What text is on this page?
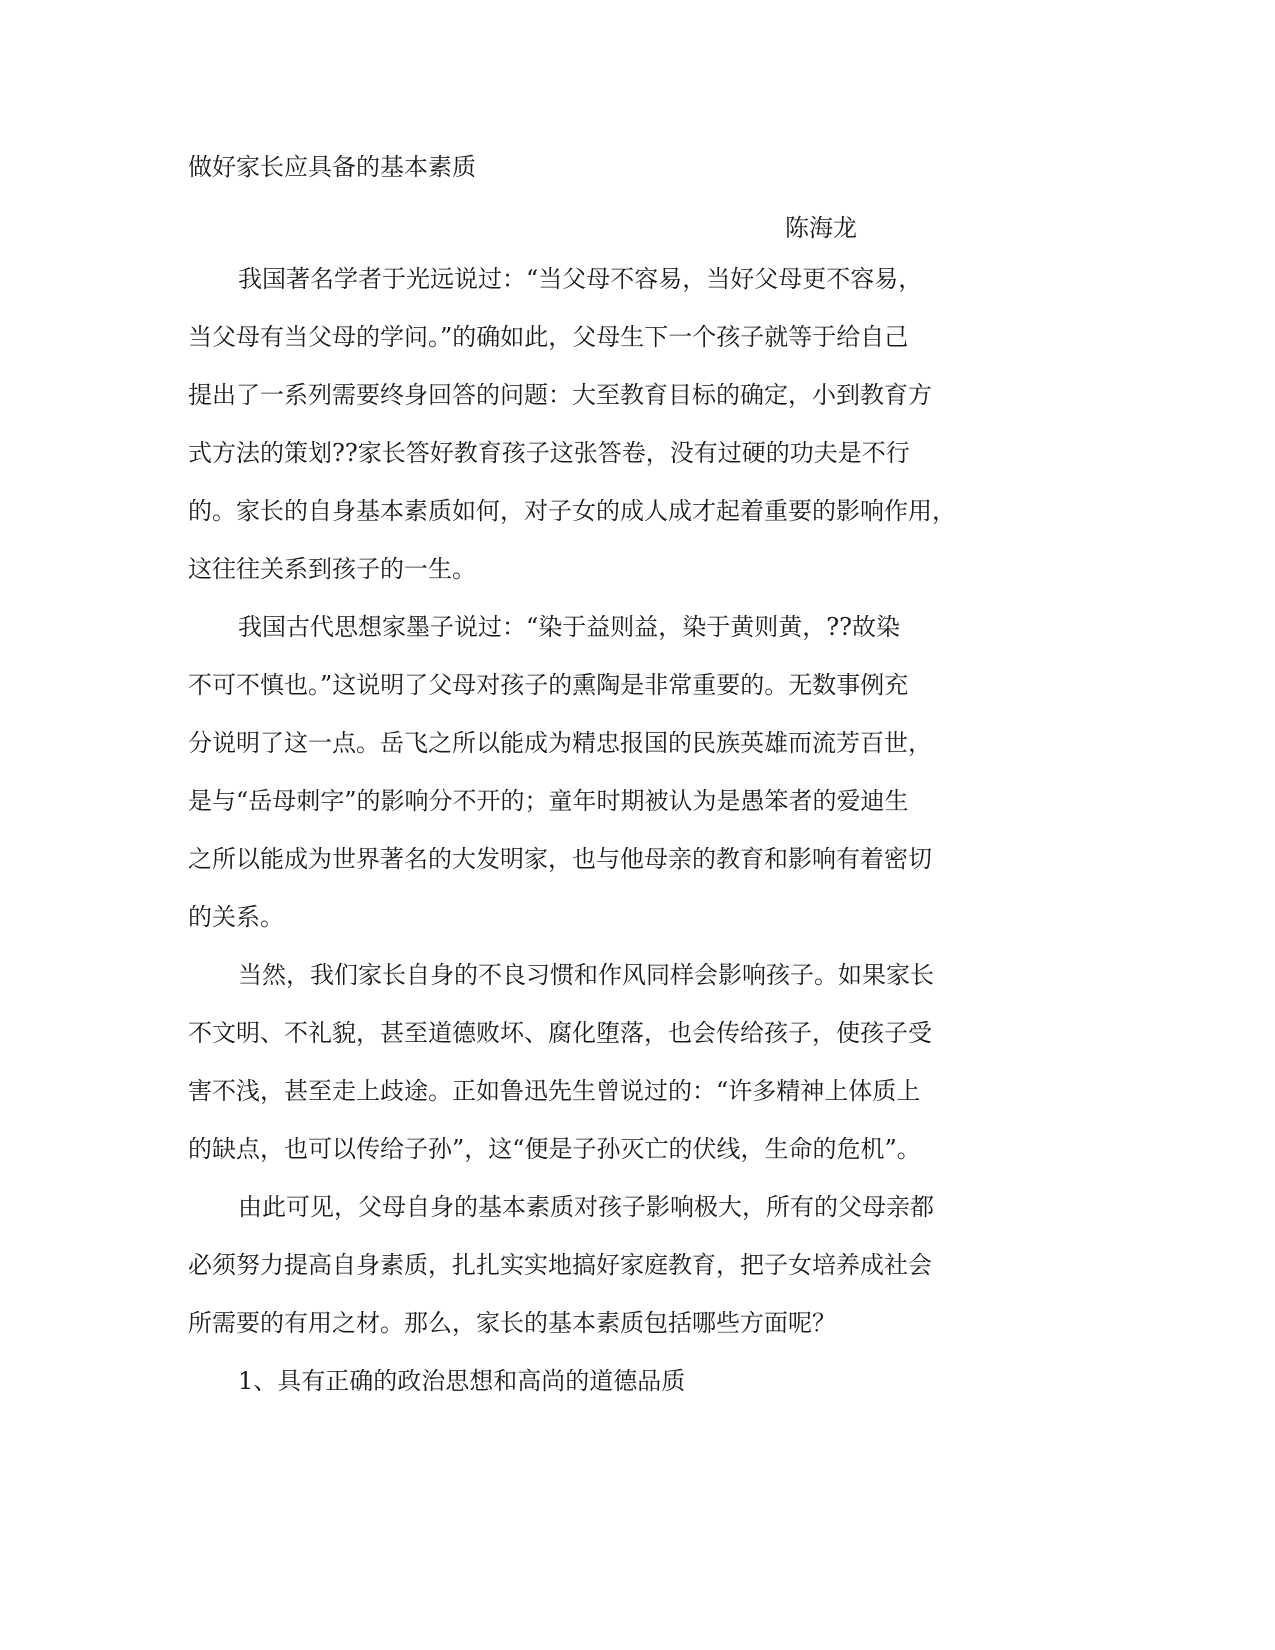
做好家长应具备的基本素质
陈海龙
我国著名学者于光远说过：“当父母不容易，当好父母更不容易，
当父母有当父母的学问。”的确如此，父母生下一个孩子就等于给自己
提出了一系列需要终身回答的问题：大至教育目标的确定，小到教育方
式方法的策划??家长答好教育孩子这张答卷，没有过硬的功夫是不行
的。家长的自身基本素质如何，对子女的成人成才起着重要的影响作用，
这往往关系到孩子的一生。
我国古代思想家墨子说过：“染于益则益，染于黄则黄，??故染
不可不慎也。”这说明了父母对孩子的熏陶是非常重要的。无数事例充
分说明了这一点。岳飞之所以能成为精忠报国的民族英雄而流芳百世，
是与“岳母刺字”的影响分不开的；童年时期被认为是愚笨者的爱迪生
之所以能成为世界著名的大发明家，也与他母亲的教育和影响有着密切
的关系。
当然，我们家长自身的不良习惯和作风同样会影响孩子。如果家长
不文明、不礼貌，甚至道德败坏、腐化堕落，也会传给孩子，使孩子受
害不浅，甚至走上歧途。正如鲁迅先生曾说过的：“许多精神上体质上
的缺点，也可以传给子孙”，这“便是子孙灭亡的伏线，生命的危机”。
由此可见，父母自身的基本素质对孩子影响极大，所有的父母亲都
必须努力提高自身素质，扎扎实实地搞好家庭教育，把子女培养成社会
所需要的有用之材。那么，家长的基本素质包括哪些方面呢？
1、具有正确的政治思想和高尚的道德品质
